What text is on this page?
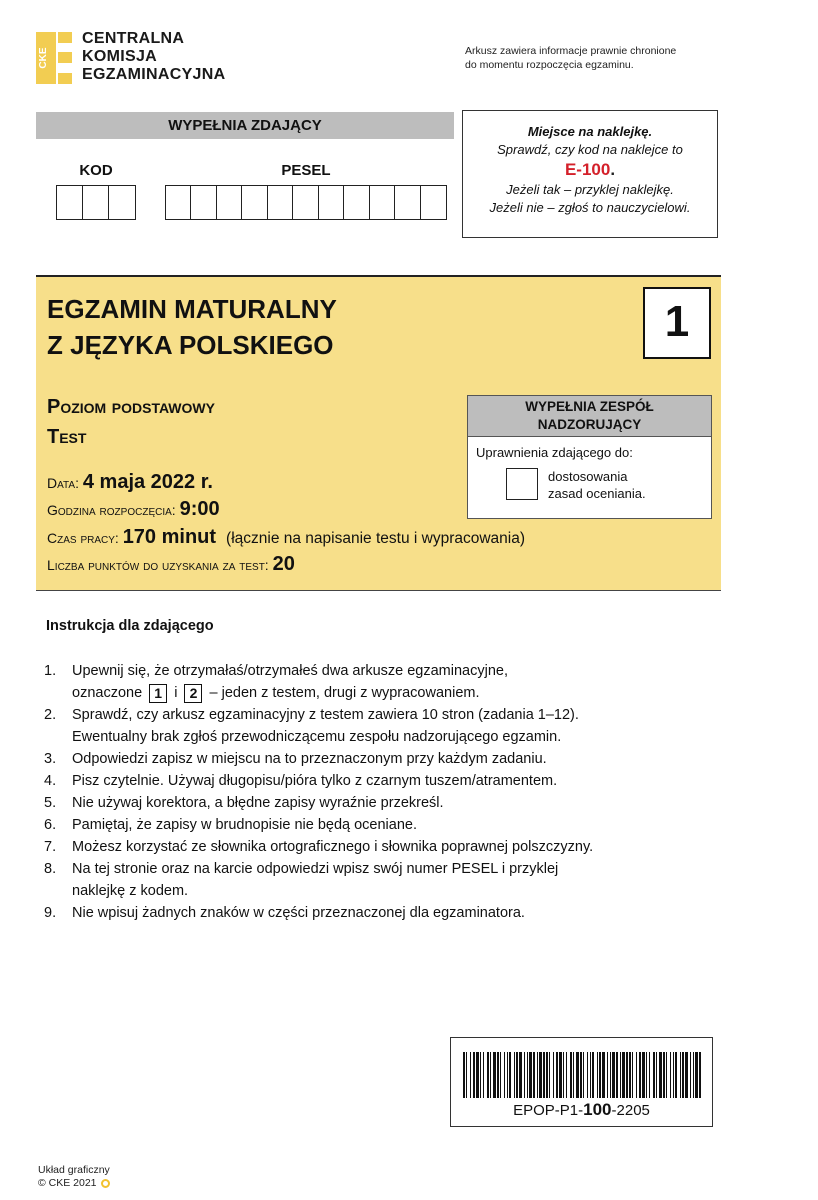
CKE
CENTRALNA
KOMISJA
EGZAMINACYJNA
Arkusz zawiera informacje prawnie chronione
do momentu rozpoczęcia egzaminu.
WYPEŁNIA ZDAJĄCY
KOD	PESEL
Miejsce na naklejkę.
Sprawdź, czy kod na naklejce to
E-100.
Jeżeli tak – przyklej naklejkę.
Jeżeli nie – zgłoś to nauczycielowi.
EGZAMIN MATURALNY
Z JĘZYKA POLSKIEGO	1
Poziom podstawowy
Test
Data: 4 maja 2022 r.
Godzina rozpoczęcia: 9:00
Czas pracy: 170 minut (łącznie na napisanie testu i wypracowania)
Liczba punktów do uzyskania za test: 20
WYPEŁNIA ZESPÓŁ
NADZORUJĄCY
Uprawnienia zdającego do:
dostosowania
zasad oceniania.
Instrukcja dla zdającego
1.	Upewnij się, że otrzymałaś/otrzymałeś dwa arkusze egzaminacyjne,
oznaczone 1 i 2 – jeden z testem, drugi z wypracowaniem.
2.	Sprawdź, czy arkusz egzaminacyjny z testem zawiera 10 stron (zadania 1–12).
Ewentualny brak zgłoś przewodniczącemu zespołu nadzorującego egzamin.
3.	Odpowiedzi zapisz w miejscu na to przeznaczonym przy każdym zadaniu.
4.	Pisz czytelnie. Używaj długopisu/pióra tylko z czarnym tuszem/atramentem.
5.	Nie używaj korektora, a błędne zapisy wyraźnie przekreśl.
6.	Pamiętaj, że zapisy w brudnopisie nie będą oceniane.
7.	Możesz korzystać ze słownika ortograficznego i słownika poprawnej polszczyzny.
8.	Na tej stronie oraz na karcie odpowiedzi wpisz swój numer PESEL i przyklej
naklejkę z kodem.
9.	Nie wpisuj żadnych znaków w części przeznaczonej dla egzaminatora.
EPOP-P1-100-2205
Układ graficzny
© CKE 2021
